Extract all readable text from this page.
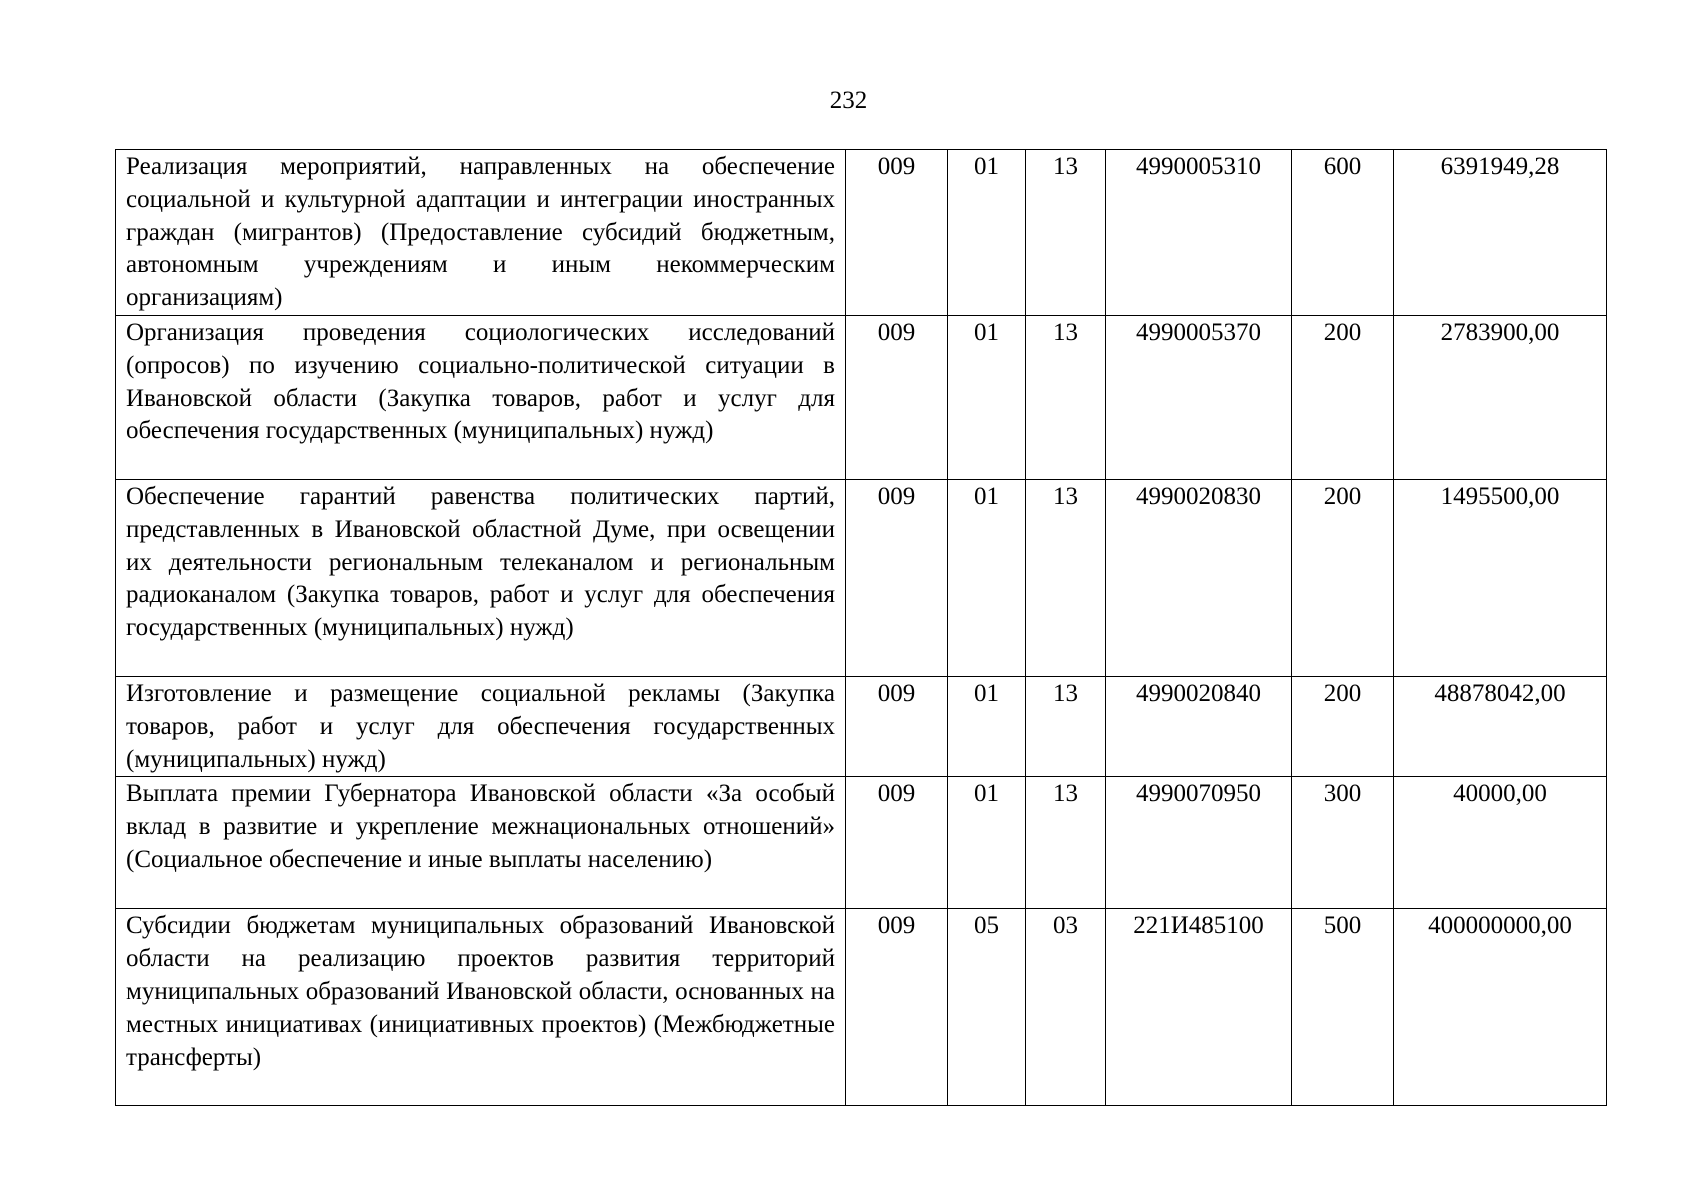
232
Реализация мероприятий, направленных на обеспечение социальной и культурной адаптации и интеграции иностранных граждан (мигрантов) (Предоставление субсидий бюджетным, автономным учреждениям и иным некоммерческим организациям)	009	01	13	4990005310	600	6391949,28
Организация проведения социологических исследований (опросов) по изучению социально-политической ситуации в Ивановской области (Закупка товаров, работ и услуг для обеспечения государственных (муниципальных) нужд)	009	01	13	4990005370	200	2783900,00
Обеспечение гарантий равенства политических партий, представленных в Ивановской областной Думе, при освещении их деятельности региональным телеканалом и региональным радиоканалом (Закупка товаров, работ и услуг для обеспечения государственных (муниципальных) нужд)	009	01	13	4990020830	200	1495500,00
Изготовление и размещение социальной рекламы (Закупка товаров, работ и услуг для обеспечения государственных (муниципальных) нужд)	009	01	13	4990020840	200	48878042,00
Выплата премии Губернатора Ивановской области «За особый вклад в развитие и укрепление межнациональных отношений» (Социальное обеспечение и иные выплаты населению)	009	01	13	4990070950	300	40000,00
Субсидии бюджетам муниципальных образований Ивановской области на реализацию проектов развития территорий муниципальных образований Ивановской области, основанных на местных инициативах (инициативных проектов) (Межбюджетные трансферты)	009	05	03	221И485100	500	400000000,00
